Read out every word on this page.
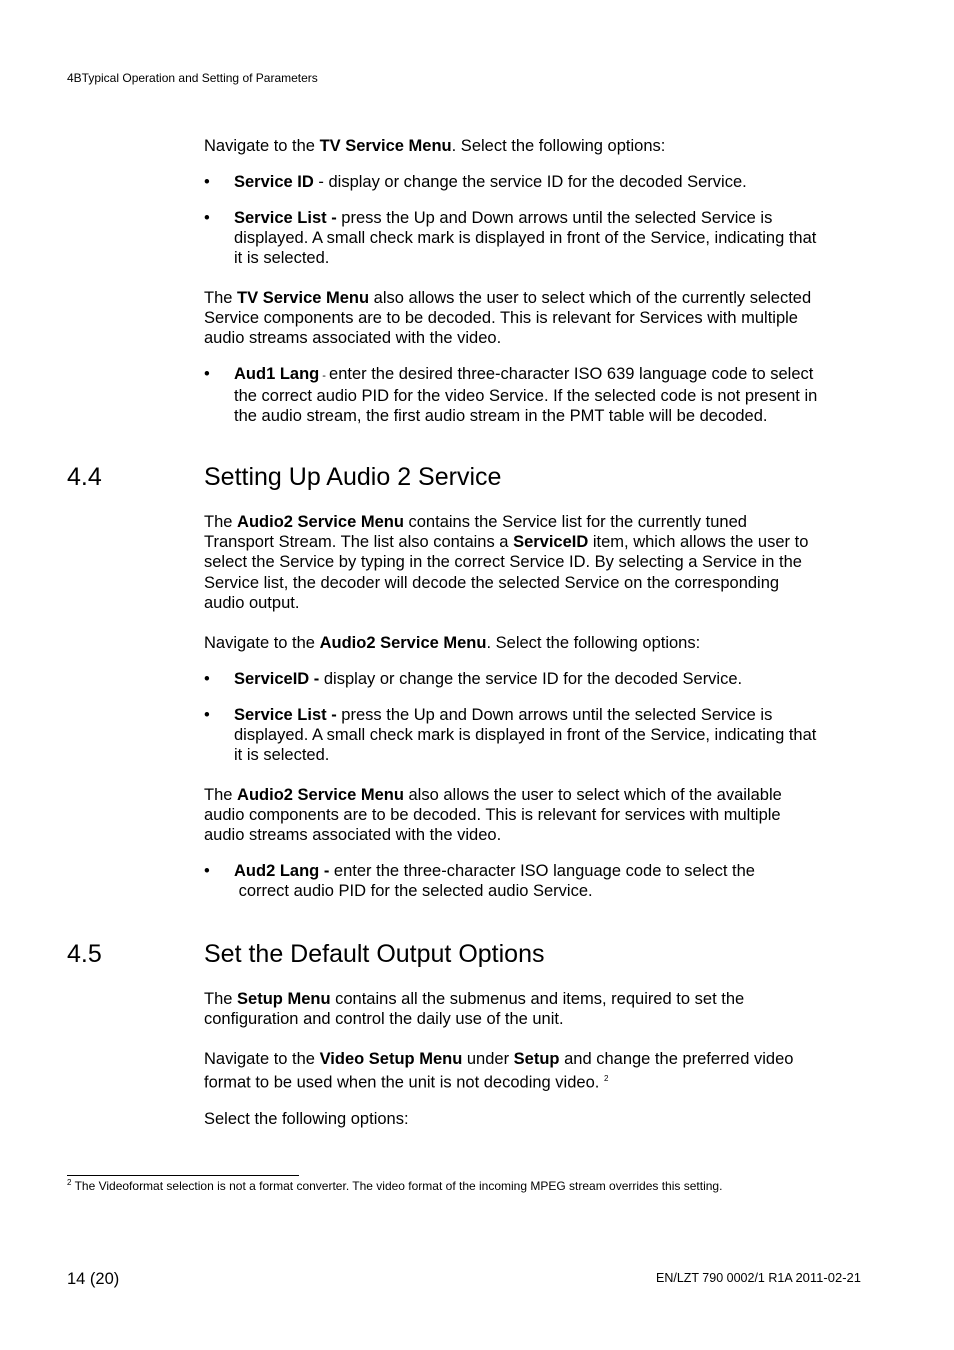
4BTypical Operation and Setting of Parameters
Navigate to the TV Service Menu. Select the following options:
•	Service ID - display or change the service ID for the decoded Service.
•	Service List - press the Up and Down arrows until the selected Service is
displayed. A small check mark is displayed in front of the Service, indicating that
it is selected.
The TV Service Menu also allows the user to select which of the currently selected
Service components are to be decoded. This is relevant for Services with multiple
audio streams associated with the video.
•	Aud1 Lang - enter the desired three-character ISO 639 language code to select
the correct audio PID for the video Service. If the selected code is not present in
the audio stream, the first audio stream in the PMT table will be decoded.
4.4	Setting Up Audio 2 Service
The Audio2 Service Menu contains the Service list for the currently tuned
Transport Stream. The list also contains a ServiceID item, which allows the user to
select the Service by typing in the correct Service ID. By selecting a Service in the
Service list, the decoder will decode the selected Service on the corresponding
audio output.
Navigate to the Audio2 Service Menu. Select the following options:
•	ServiceID - display or change the service ID for the decoded Service.
•	Service List - press the Up and Down arrows until the selected Service is
displayed. A small check mark is displayed in front of the Service, indicating that
it is selected.
The Audio2 Service Menu also allows the user to select which of the available
audio components are to be decoded. This is relevant for services with multiple
audio streams associated with the video.
•	Aud2 Lang - enter the three-character ISO language code to select the
correct audio PID for the selected audio Service.
4.5	Set the Default Output Options
The Setup Menu contains all the submenus and items, required to set the
configuration and control the daily use of the unit.
Navigate to the Video Setup Menu under Setup and change the preferred video
format to be used when the unit is not decoding video. $^2$
Select the following options:
$^2$ The Videoformat selection is not a format converter. The video format of the incoming MPEG stream overrides this setting.
14 (20)	EN/LZT 790 0002/1 R1A 2011-02-21
